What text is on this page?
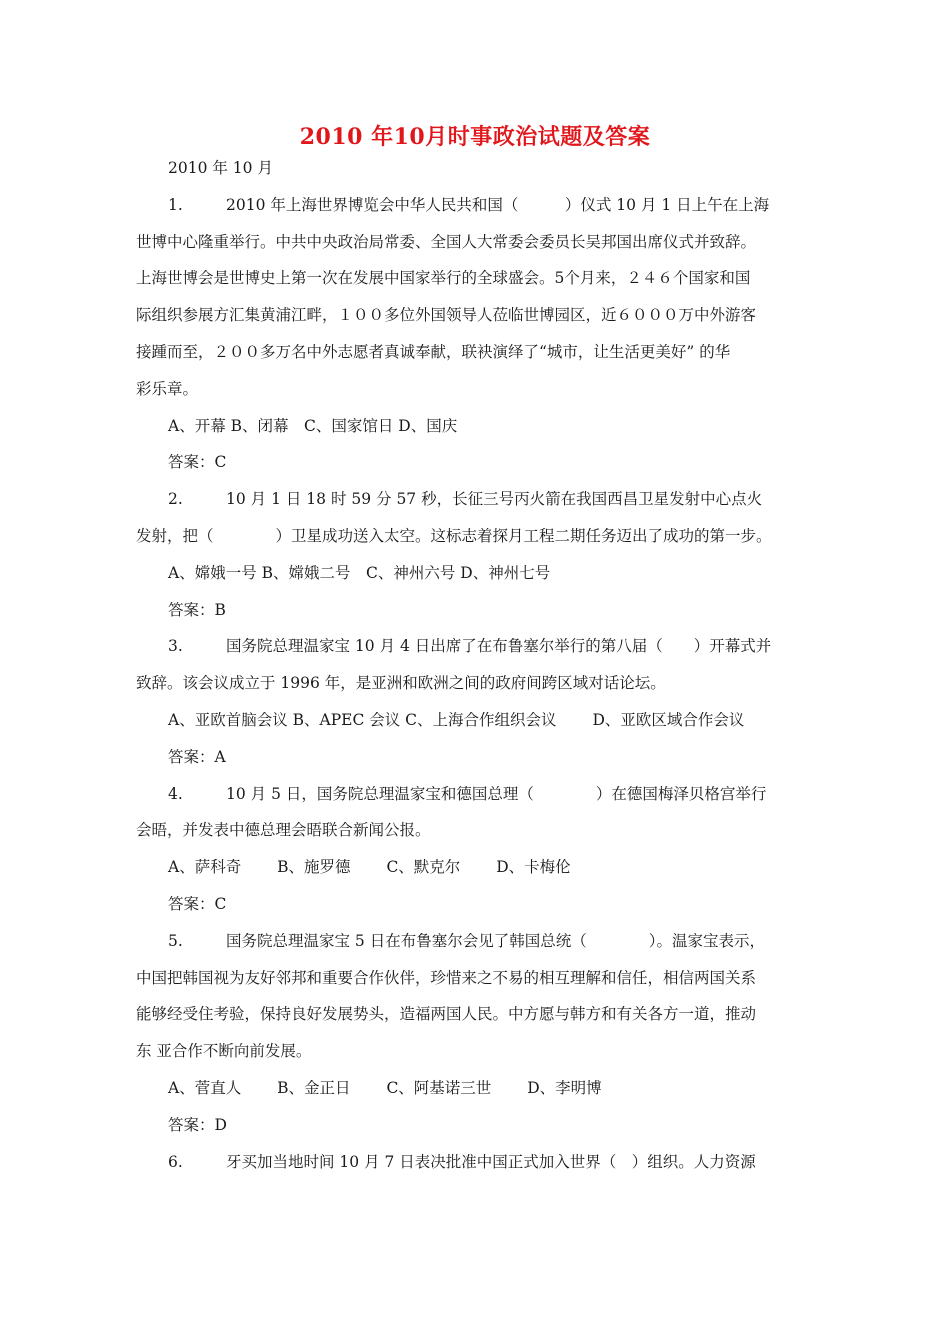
2010 年10月时事政治试题及答案
2010 年 10 月
1.	2010 年上海世界博览会中华人民共和国（　　　）仪式 10 月 1 日上午在上海
世博中心隆重举行。中共中央政治局常委、全国人大常委会委员长吴邦国出席仪式并致辞。
上海世博会是世博史上第一次在发展中国家举行的全球盛会。5个月来，２４６个国家和国
际组织参展方汇集黄浦江畔，１００多位外国领导人莅临世博园区，近６０００万中外游客
接踵而至，２００多万名中外志愿者真诚奉献，联袂演绎了“城市，让生活更美好” 的华
彩乐章。
A、开幕 B、闭幕　C、国家馆日 D、国庆
答案：C
2.	10 月 1 日 18 时 59 分 57 秒，长征三号丙火箭在我国西昌卫星发射中心点火
发射，把（　　　　）卫星成功送入太空。这标志着探月工程二期任务迈出了成功的第一步。
A、嫦娥一号 B、嫦娥二号　C、神州六号 D、神州七号
答案：B
3.	国务院总理温家宝 10 月 4 日出席了在布鲁塞尔举行的第八届（　　）开幕式并
致辞。该会议成立于 1996 年，是亚洲和欧洲之间的政府间跨区域对话论坛。
A、亚欧首脑会议 B、APEC 会议 C、上海合作组织会议　　 D、亚欧区域合作会议
答案：A
4.	10 月 5 日，国务院总理温家宝和德国总理（　　　　）在德国梅泽贝格宫举行
会晤，并发表中德总理会晤联合新闻公报。
A、萨科奇　　 B、施罗德　　 C、默克尔　　 D、卡梅伦
答案：C
5.	国务院总理温家宝 5 日在布鲁塞尔会见了韩国总统（　　　　）。温家宝表示，
中国把韩国视为友好邻邦和重要合作伙伴，珍惜来之不易的相互理解和信任，相信两国关系
能够经受住考验，保持良好发展势头，造福两国人民。中方愿与韩方和有关各方一道，推动
东 亚合作不断向前发展。
A、菅直人　　 B、金正日　　 C、阿基诺三世　　 D、李明博
答案：D
6.	牙买加当地时间 10 月 7 日表决批准中国正式加入世界（　）组织。人力资源
